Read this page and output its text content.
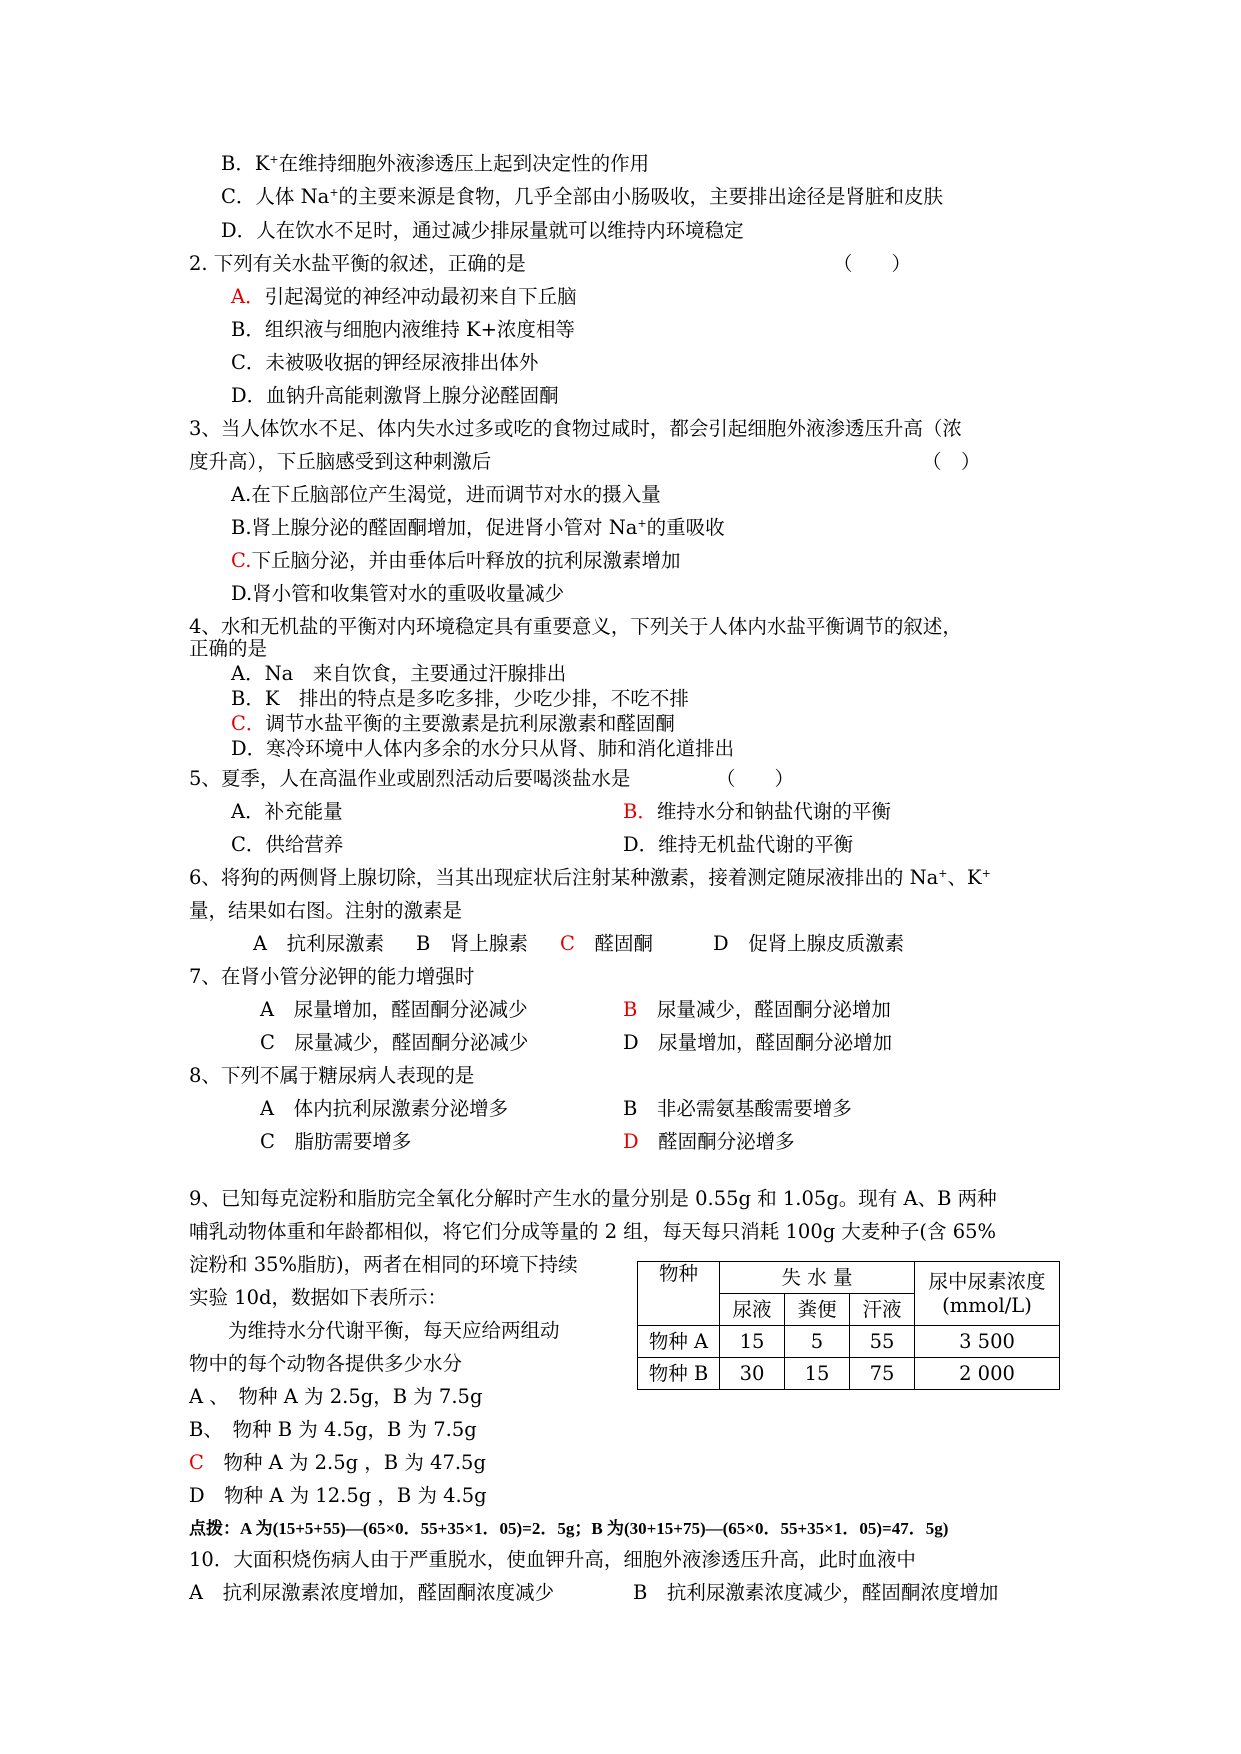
B．K+在维持细胞外液渗透压上起到决定性的作用
C．人体 Na+的主要来源是食物，几乎全部由小肠吸收，主要排出途径是肾脏和皮肤
D．人在饮水不足时，通过减少排尿量就可以维持内环境稳定
2. 下列有关水盐平衡的叙述，正确的是	（　　）
A．引起渴觉的神经冲动最初来自下丘脑
B．组织液与细胞内液维持 K+浓度相等
C．未被吸收据的钾经尿液排出体外
D．血钠升高能刺激肾上腺分泌醛固酮
3、当人体饮水不足、体内失水过多或吃的食物过咸时，都会引起细胞外液渗透压升高（浓
度升高），下丘脑感受到这种刺激后	（　）
A.在下丘脑部位产生渴觉，进而调节对水的摄入量
B.肾上腺分泌的醛固酮增加，促进肾小管对 Na+的重吸收
C.下丘脑分泌，并由垂体后叶释放的抗利尿激素增加
D.肾小管和收集管对水的重吸收量减少
4、水和无机盐的平衡对内环境稳定具有重要意义，下列关于人体内水盐平衡调节的叙述，
正确的是
A．Na　来自饮食，主要通过汗腺排出
B．K　排出的特点是多吃多排，少吃少排，不吃不排
C．调节水盐平衡的主要激素是抗利尿激素和醛固酮
D．寒冷环境中人体内多余的水分只从肾、肺和消化道排出
5、夏季，人在高温作业或剧烈活动后要喝淡盐水是	（　　）
A．补充能量	B．维持水分和钠盐代谢的平衡
C．供给营养	D．维持无机盐代谢的平衡
6、将狗的两侧肾上腺切除，当其出现症状后注射某种激素，接着测定随尿液排出的 Na+、K+
量，结果如右图。注射的激素是
A　抗利尿激素 B　肾上腺素 C　 醛固酮	D　促肾上腺皮质激素
7、在肾小管分泌钾的能力增强时
A　尿量增加，醛固酮分泌减少	B　 尿量减少，醛固酮分泌增加
C　尿量减少，醛固酮分泌减少	D　尿量增加，醛固酮分泌增加
8、下列不属于糖尿病人表现的是
A　体内抗利尿激素分泌增多	B　非必需氨基酸需要增多
C　脂肪需要增多	D　 醛固酮分泌增多
9、已知每克淀粉和脂肪完全氧化分解时产生水的量分别是 0.55g 和 1.05g。现有 A、B 两种
哺乳动物体重和年龄都相似，将它们分成等量的 2 组，每天每只消耗 100g 大麦种子(含 65%
淀粉和 35%脂肪)，两者在相同的环境下持续
实验 10d，数据如下表所示：
　　为维持水分代谢平衡，每天应给两组动
物中的每个动物各提供多少水分
A 、　物种 A 为 2.5g，B 为 7.5g
B、　物种 B 为 4.5g，B 为 7.5g
C　 物种 A 为 2.5g ，B 为 47.5g
D　物种 A 为 12.5g ，B 为 4.5g
物种	失 水 量			尿中尿素浓度
(mmol/L)

	尿液	粪便	汗液	
物种 A	15	5	55	3 500
物种 B	30	15	75	2 000
点拨：A 为(15+5+55)—(65×0．55+35×1．05)=2．5g；B 为(30+15+75)—(65×0．55+35×1．05)=47．5g)
10．大面积烧伤病人由于严重脱水，使血钾升高，细胞外液渗透压升高，此时血液中
A　抗利尿激素浓度增加，醛固酮浓度减少	B　抗利尿激素浓度减少，醛固酮浓度增加
